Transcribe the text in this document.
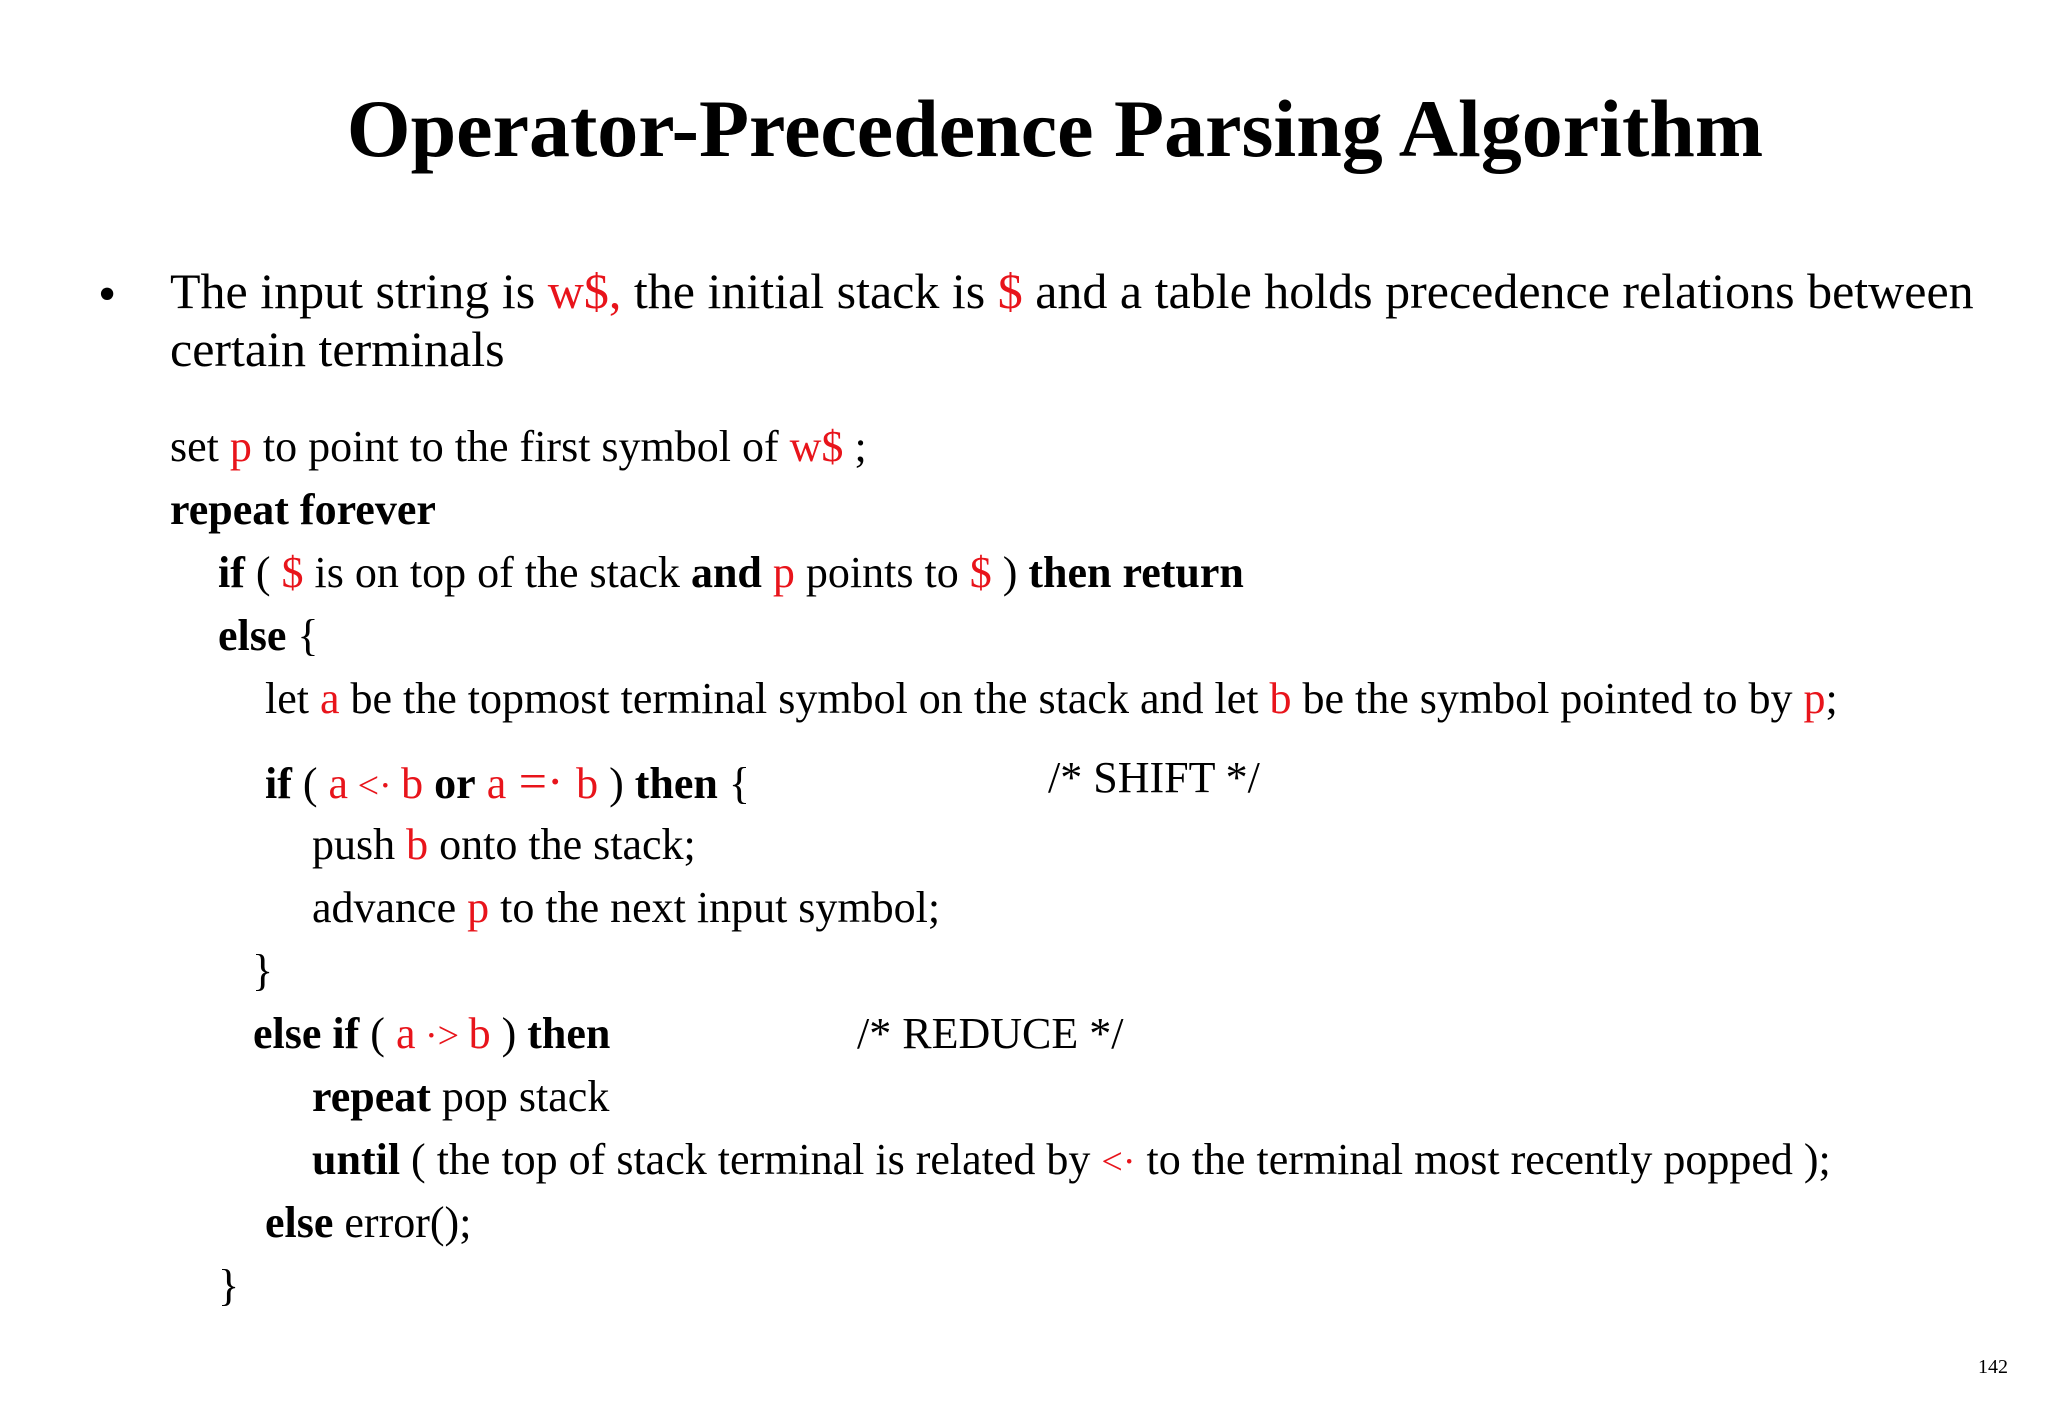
Operator-Precedence Parsing Algorithm
• The input string is w$, the initial stack is $ and a table holds precedence relations between certain terminals
set p to point to the first symbol of w$ ;
repeat forever
if ( $ is on top of the stack and p points to $ ) then return
else {
let a be the topmost terminal symbol on the stack and let b be the symbol pointed to by p;
if ( a <· b or a =· b ) then {	/* SHIFT */
push b onto the stack;
advance p to the next input symbol;
}
else if ( a ·> b ) then	/* REDUCE */
repeat pop stack
until ( the top of stack terminal is related by <· to the terminal most recently popped );
else error();
}
142
